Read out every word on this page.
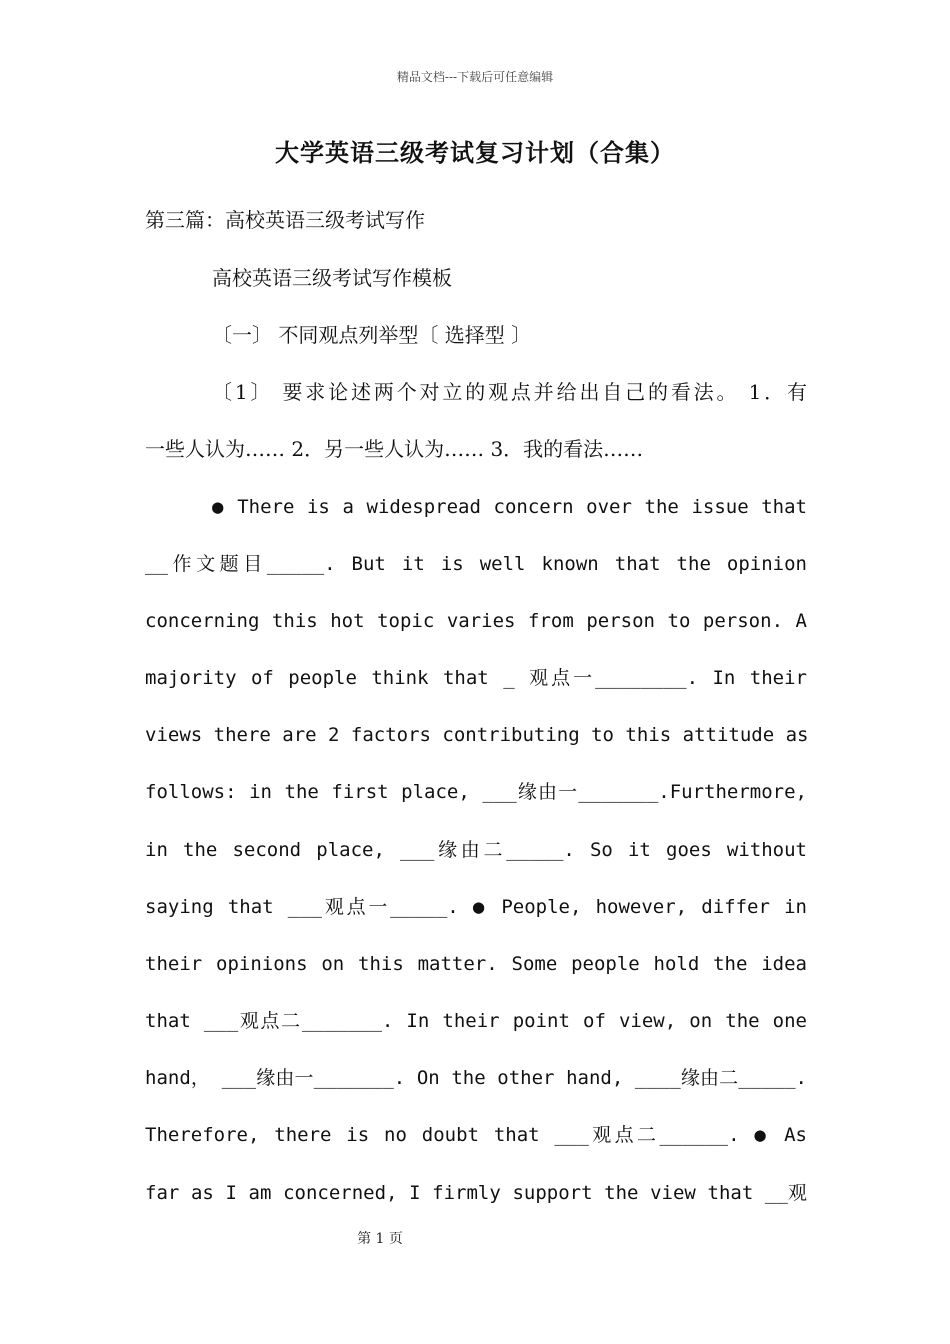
精品文档---下载后可任意编辑
大学英语三级考试复习计划（合集）
第三篇：高校英语三级考试写作
高校英语三级考试写作模板
〔一〕 不同观点列举型〔 选择型 〕
〔1〕 要求论述两个对立的观点并给出自己的看法。 1．有
一些人认为…… 2．另一些人认为…… 3．我的看法……
● There is a widespread concern over the issue that
__作文题目_____. But it is well known that the opinion
concerning this hot topic varies from person to person. A
majority of people think that _ 观点一________. In their
views there are 2 factors contributing to this attitude as
follows: in the first place, ___缘由一_______.Furthermore,
in the second place, ___缘由二_____. So it goes without
saying that ___观点一_____. ● People, however, differ in
their opinions on this matter. Some people hold the idea
that ___观点二_______. In their point of view, on the one
hand， ___缘由一_______. On the other hand, ____缘由二_____.
Therefore, there is no doubt that ___观点二______. ● As
far as I am concerned, I firmly support the view that __观
第 1 页
